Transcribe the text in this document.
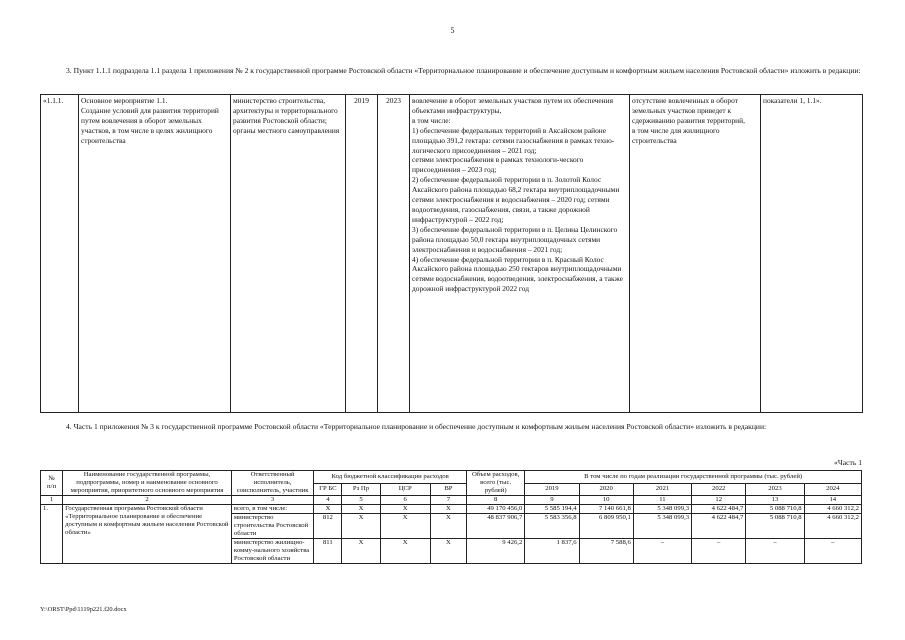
5
3. Пункт 1.1.1 подраздела 1.1 раздела 1 приложения № 2 к государственной программе Ростовской области «Территориальное планирование и обеспечение доступным и комфортным жильем населения Ростовской области» изложить в редакции:
«1.1.1.	Основное мероприятие 1.1.
Создание условий для развития территорий путем вовлечения в оборот земельных участков, в том числе в целях жилищного строительства	министерство строительства, архитектуры и территориального развития Ростовской области;
органы местного самоуправления	2019	2023	вовлечение в оборот земельных участков путем их обеспечения объектами инфраструктуры,
в том числе:
1) обеспечение федеральных территорий в Аксайском районе площадью 391,2 гектара: сетями газоснабжения в рамках техно-логического присоединения – 2021 год;
сетями электроснабжения в рамках технологи-ческого присоединения – 2023 год;
2) обеспечение федеральной территории в п. Золотой Колос Аксайского района площадью 68,2 гектара внутриплощадочными сетями электроснабжения и водоснабжения – 2020 год; сетями водоотведения, газоснабжения, связи, а также дорожной инфраструктурой – 2022 год;
3) обеспечение федеральной территории в п. Целина Целинского района площадью 50,0 гектара внутриплощадочных сетями электроснабжения и водоснабжения – 2021 год;
4) обеспечение федеральной территории в п. Красный Колос Аксайского района площадью 250 гектаров внутриплощадочными сетями водоснабжения, водоотведения, электроснабжения, а также дорожной инфраструктурой 2022 год	отсутствие вовлеченных в оборот земельных участков приведет к сдерживанию развития территорий,
в том числе для жилищного строительства	показатели 1, 1.1».
4. Часть 1 приложения № 3 к государственной программе Ростовской области «Территориальное планирование и обеспечение доступным и комфортным жильем населения Ростовской области» изложить в редакции:
«Часть 1
№
п/п	Наименование государственной программы, подпрограммы, номер и наименование основного мероприятия, приоритетного основного мероприятия	Ответственный исполнитель, соисполнитель, участник	Код бюджетной классификации расходов				Объем расходов, всего (тыс. рублей)	В том числе по годам реализации государственной программы (тыс. рублей)					
			ГР БС	Рз Пр	ЦСР	ВР		2019	2020	2021	2022	2023	2024
1	2	3	4	5	6	7	8	9	10	11	12	13	14
1.	Государственная программа Ростовской области «Территориальное планирование и обеспечение доступным и комфортным жильем населения Ростовской области»	всего, в том числе:	Х	Х	Х	Х	49 170 456,0	5 585 194,4	7 140 661,8	5 348 099,3	4 622 484,7	5 088 710,8	4 660 312,2
		министерство строительства Ростовской области	812	Х	Х	Х	48 837 906,7	5 583 356,8	6 809 950,1	5 348 099,3	4 622 484,7	5 088 710,8	4 660 312,2
		министерство жилищно-комму-нального хозяйства Ростовской области	811	Х	Х	Х	9 426,2	1 837,6	7 588,6	–	–	–	–
Y:\ORST\Ppd\1119p221.f20.docx
